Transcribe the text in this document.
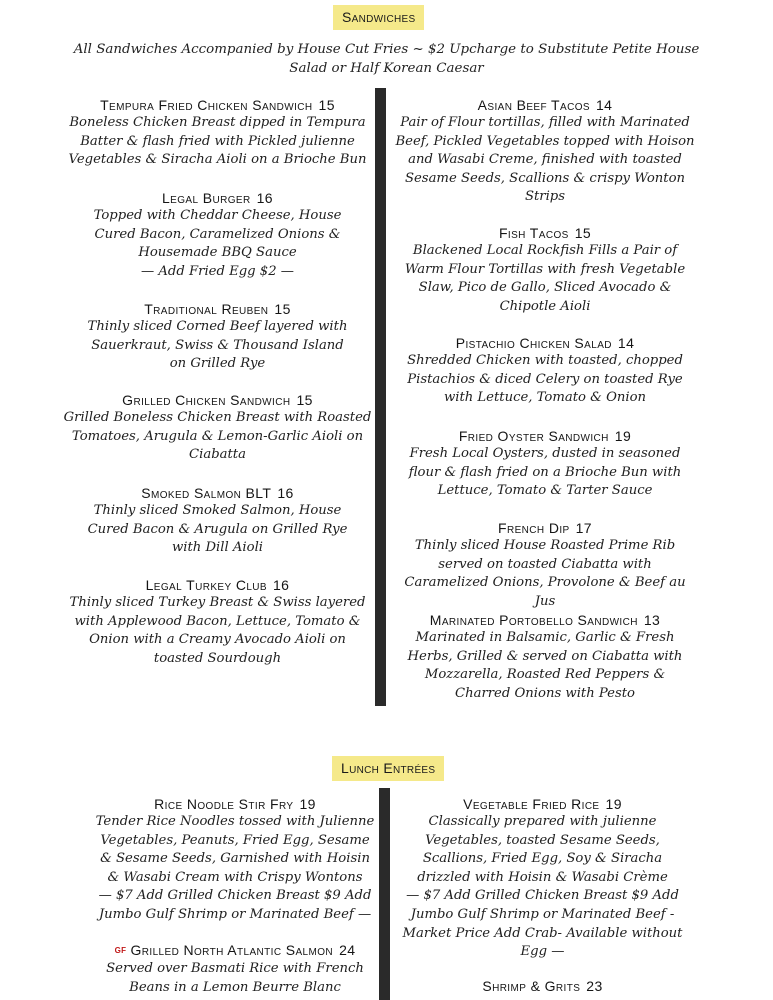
Sandwiches
All Sandwiches Accompanied by House Cut Fries ~ $2 Upcharge to Substitute Petite House Salad or Half Korean Caesar
Tempura Fried Chicken Sandwich 15
Boneless Chicken Breast dipped in Tempura Batter & flash fried with Pickled julienne Vegetables & Siracha Aioli on a Brioche Bun
Legal Burger 16
Topped with Cheddar Cheese, House Cured Bacon, Caramelized Onions & Housemade BBQ Sauce
— Add Fried Egg $2 —
Traditional Reuben 15
Thinly sliced Corned Beef layered with Sauerkraut, Swiss & Thousand Island on Grilled Rye
Grilled Chicken Sandwich 15
Grilled Boneless Chicken Breast with Roasted Tomatoes, Arugula & Lemon-Garlic Aioli on Ciabatta
Smoked Salmon BLT 16
Thinly sliced Smoked Salmon, House Cured Bacon & Arugula on Grilled Rye with Dill Aioli
Legal Turkey Club 16
Thinly sliced Turkey Breast & Swiss layered with Applewood Bacon, Lettuce, Tomato & Onion with a Creamy Avocado Aioli on toasted Sourdough
Asian Beef Tacos 14
Pair of Flour tortillas, filled with Marinated Beef, Pickled Vegetables topped with Hoison and Wasabi Creme, finished with toasted Sesame Seeds, Scallions & crispy Wonton Strips
Fish Tacos 15
Blackened Local Rockfish Fills a Pair of Warm Flour Tortillas with fresh Vegetable Slaw, Pico de Gallo, Sliced Avocado & Chipotle Aioli
Pistachio Chicken Salad 14
Shredded Chicken with toasted, chopped Pistachios & diced Celery on toasted Rye with Lettuce, Tomato & Onion
Fried Oyster Sandwich 19
Fresh Local Oysters, dusted in seasoned flour & flash fried on a Brioche Bun with Lettuce, Tomato & Tarter Sauce
French Dip 17
Thinly sliced House Roasted Prime Rib served on toasted Ciabatta with Caramelized Onions, Provolone & Beef au Jus
Marinated Portobello Sandwich 13
Marinated in Balsamic, Garlic & Fresh Herbs, Grilled & served on Ciabatta with Mozzarella, Roasted Red Peppers & Charred Onions with Pesto
Lunch Entrées
Rice Noodle Stir Fry 19
Tender Rice Noodles tossed with Julienne Vegetables, Peanuts, Fried Egg, Sesame & Sesame Seeds, Garnished with Hoisin & Wasabi Cream with Crispy Wontons
— $7 Add Grilled Chicken Breast $9 Add Jumbo Gulf Shrimp or Marinated Beef —
GF Grilled North Atlantic Salmon 24
Served over Basmati Rice with French Beans in a Lemon Beurre Blanc
Vegetable Fried Rice 19
Classically prepared with julienne Vegetables, toasted Sesame Seeds, Scallions, Fried Egg, Soy & Siracha drizzled with Hoisin & Wasabi Crème
— $7 Add Grilled Chicken Breast $9 Add Jumbo Gulf Shrimp or Marinated Beef -Market Price Add Crab- Available without Egg —
Shrimp & Grits 23
